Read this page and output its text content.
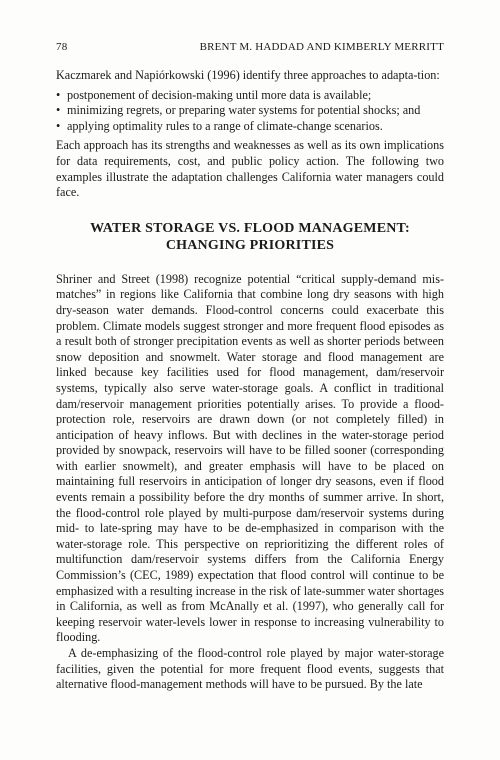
78	BRENT M. HADDAD AND KIMBERLY MERRITT

Kaczmarek and Napiórkowski (1996) identify three approaches to adapta-tion:

• postponement of decision-making until more data is available;
• minimizing regrets, or preparing water systems for potential shocks; and
• applying optimality rules to a range of climate-change scenarios.

Each approach has its strengths and weaknesses as well as its own implications for data requirements, cost, and public policy action. The following two examples illustrate the adaptation challenges California water managers could face.

WATER STORAGE VS. FLOOD MANAGEMENT:
CHANGING PRIORITIES

Shriner and Street (1998) recognize potential “critical supply-demand mis-matches” in regions like California that combine long dry seasons with high dry-season water demands. Flood-control concerns could exacerbate this problem. Climate models suggest stronger and more frequent flood episodes as a result both of stronger precipitation events as well as shorter periods between snow deposition and snowmelt. Water storage and flood management are linked because key facilities used for flood management, dam/reservoir systems, typically also serve water-storage goals. A conflict in traditional dam/reservoir management priorities potentially arises. To provide a flood-protection role, reservoirs are drawn down (or not completely filled) in anticipation of heavy inflows. But with declines in the water-storage period provided by snowpack, reservoirs will have to be filled sooner (corresponding with earlier snowmelt), and greater emphasis will have to be placed on maintaining full reservoirs in anticipation of longer dry seasons, even if flood events remain a possibility before the dry months of summer arrive. In short, the flood-control role played by multi-purpose dam/reservoir systems during mid- to late-spring may have to be de-emphasized in comparison with the water-storage role. This perspective on reprioritizing the different roles of multifunction dam/reservoir systems differs from the California Energy Commission’s (CEC, 1989) expectation that flood control will continue to be emphasized with a resulting increase in the risk of late-summer water shortages in California, as well as from McAnally et al. (1997), who generally call for keeping reservoir water-levels lower in response to increasing vulnerability to flooding.

A de-emphasizing of the flood-control role played by major water-storage facilities, given the potential for more frequent flood events, suggests that alternative flood-management methods will have to be pursued. By the late
